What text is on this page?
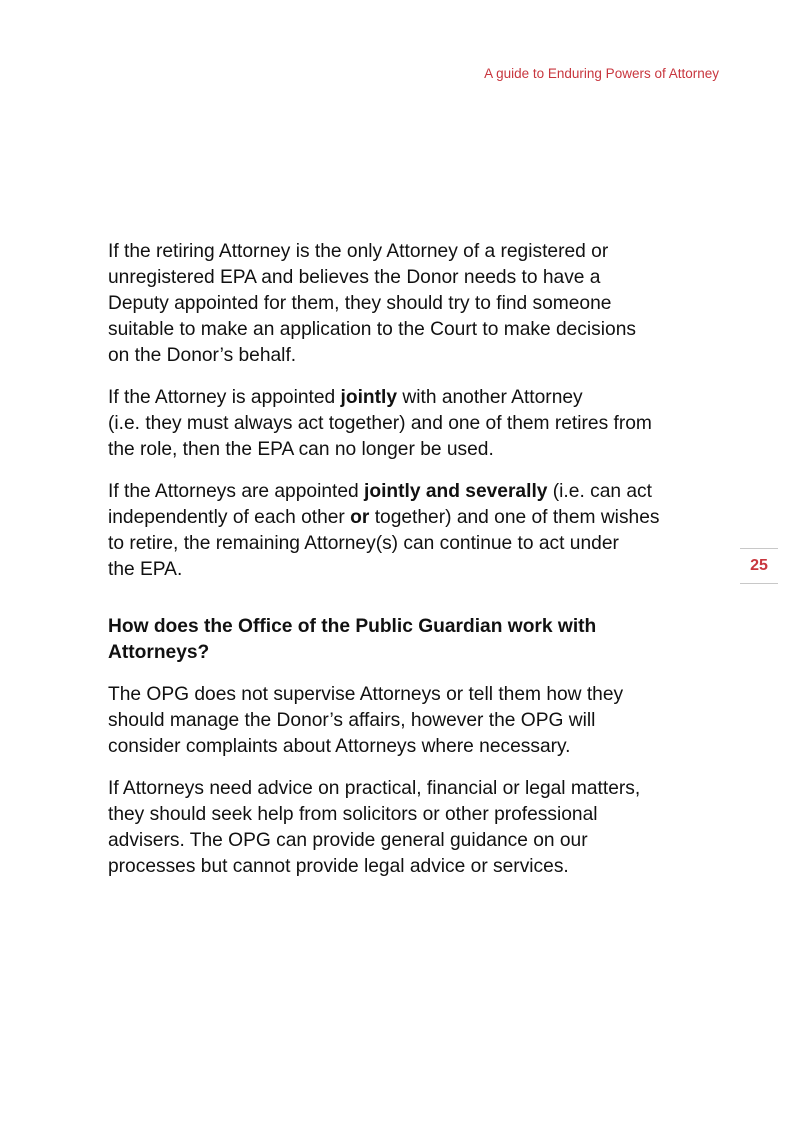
A guide to Enduring Powers of Attorney
25

If the retiring Attorney is the only Attorney of a registered or
unregistered EPA and believes the Donor needs to have a
Deputy appointed for them, they should try to find someone
suitable to make an application to the Court to make decisions
on the Donor’s behalf.

If the Attorney is appointed jointly with another Attorney
(i.e. they must always act together) and one of them retires from
the role, then the EPA can no longer be used.

If the Attorneys are appointed jointly and severally (i.e. can act
independently of each other or together) and one of them wishes
to retire, the remaining Attorney(s) can continue to act under
the EPA.

How does the Office of the Public Guardian work with
Attorneys?

The OPG does not supervise Attorneys or tell them how they
should manage the Donor’s affairs, however the OPG will
consider complaints about Attorneys where necessary.

If Attorneys need advice on practical, financial or legal matters,
they should seek help from solicitors or other professional
advisers. The OPG can provide general guidance on our
processes but cannot provide legal advice or services.
